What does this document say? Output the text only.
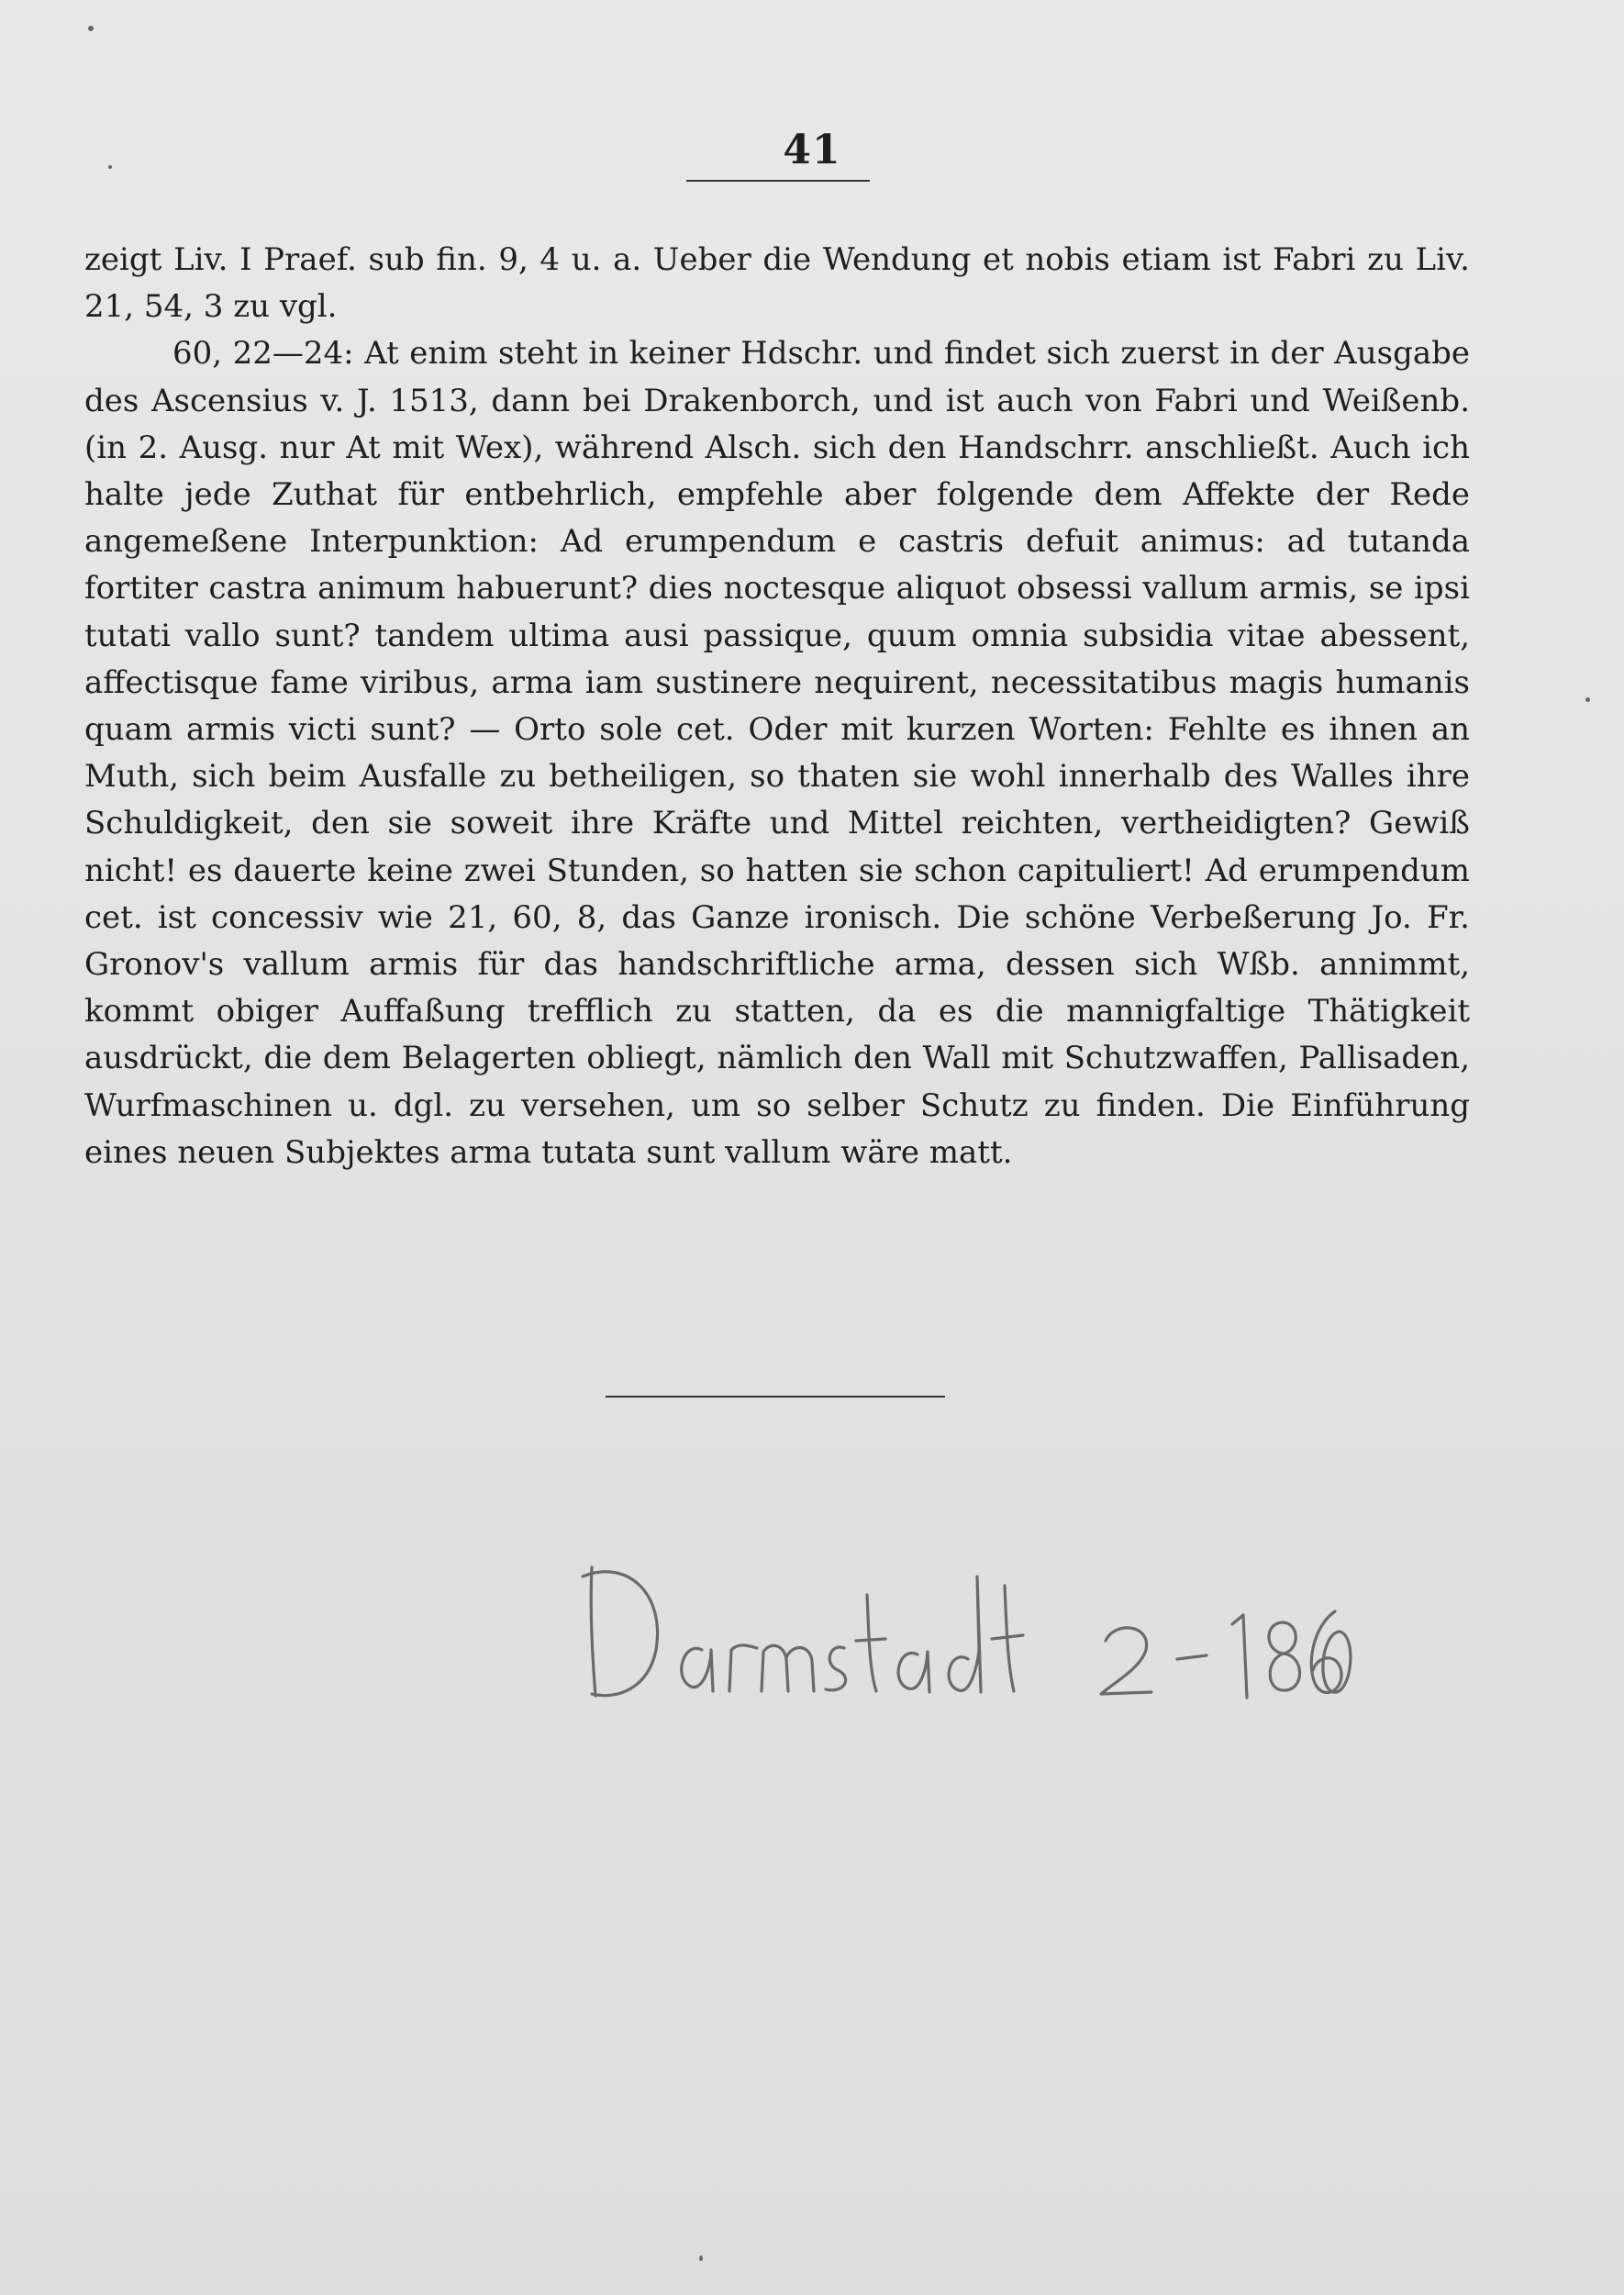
41

zeigt Liv. I Praef. sub fin. 9, 4 u. a. Ueber die Wendung et nobis etiam ist Fabri zu Liv. 21, 54, 3 zu vgl.

60, 22—24: At enim steht in keiner Hdschr. und findet sich zuerst in der Ausgabe des Ascensius v. J. 1513, dann bei Drakenborch, und ist auch von Fabri und Weißenb. (in 2. Ausg. nur At mit Wex), während Alsch. sich den Handschrr. anschließt. Auch ich halte jede Zuthat für entbehrlich, empfehle aber folgende dem Affekte der Rede angemeßene Interpunktion: Ad erumpendum e castris defuit animus: ad tutanda fortiter castra animum habuerunt? dies noctesque aliquot obsessi vallum armis, se ipsi tutati vallo sunt? tandem ultima ausi passique, quum omnia subsidia vitae abessent, affectisque fame viribus, arma iam sustinere nequirent, necessitatibus magis humanis quam armis victi sunt? — Orto sole cet. Oder mit kurzen Worten: Fehlte es ihnen an Muth, sich beim Ausfalle zu betheiligen, so thaten sie wohl innerhalb des Walles ihre Schuldigkeit, den sie soweit ihre Kräfte und Mittel reichten, vertheidigten? Gewiß nicht! es dauerte keine zwei Stunden, so hatten sie schon capituliert! Ad erumpendum cet. ist concessiv wie 21, 60, 8, das Ganze ironisch. Die schöne Verbeßerung Jo. Fr. Gronov's vallum armis für das handschriftliche arma, dessen sich Wßb. annimmt, kommt obiger Auffaßung trefflich zu statten, da es die mannigfaltige Thätigkeit ausdrückt, die dem Belagerten obliegt, nämlich den Wall mit Schutzwaffen, Pallisaden, Wurfmaschinen u. dgl. zu versehen, um so selber Schutz zu finden. Die Einführung eines neuen Subjektes arma tutata sunt vallum wäre matt.
